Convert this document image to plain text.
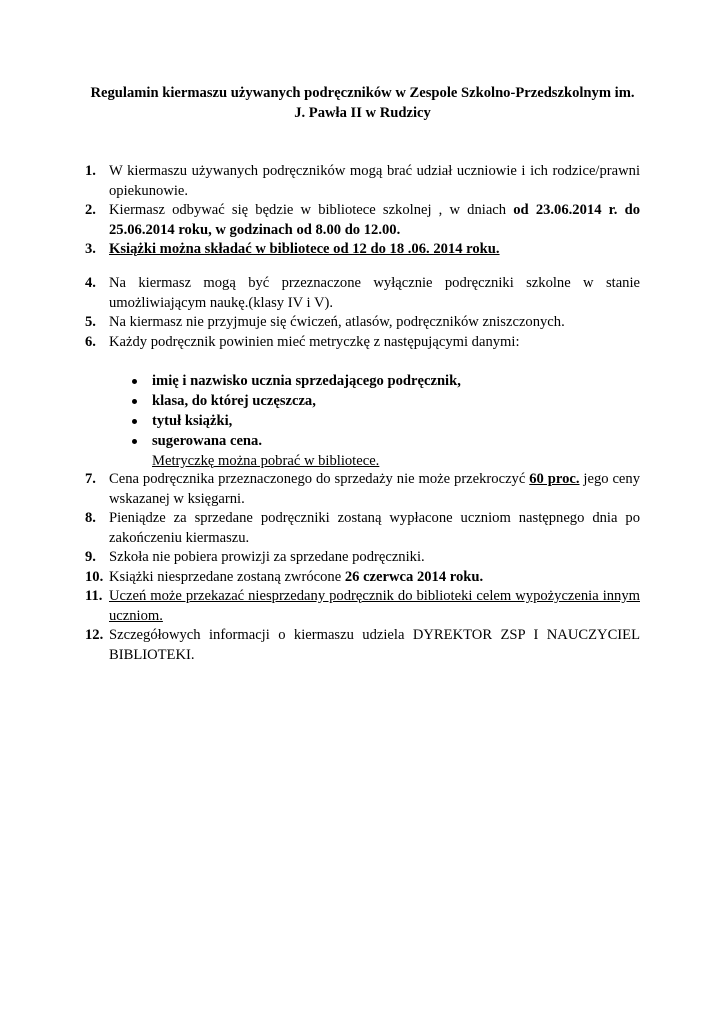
Regulamin kiermaszu używanych podręczników w Zespole Szkolno-Przedszkolnym im.
J. Pawła II w Rudzicy
1. W kiermaszu używanych podręczników mogą brać udział uczniowie i ich rodzice/prawni opiekunowie.
2. Kiermasz odbywać się będzie w bibliotece szkolnej , w dniach od 23.06.2014 r. do 25.06.2014 roku, w godzinach od 8.00 do 12.00.
3. Książki można składać w bibliotece od 12 do 18 .06. 2014 roku.
4. Na kiermasz mogą być przeznaczone wyłącznie podręczniki szkolne w stanie umożliwiającym naukę.(klasy IV i V).
5. Na kiermasz nie przyjmuje się ćwiczeń, atlasów, podręczników zniszczonych.
6. Każdy podręcznik powinien mieć metryczkę z następującymi danymi:
imię i nazwisko ucznia sprzedającego podręcznik,
klasa, do której uczęszcza,
tytuł książki,
sugerowana cena.
Metryczkę można pobrać w bibliotece.
7. Cena podręcznika przeznaczonego do sprzedaży nie może przekroczyć 60 proc. jego ceny wskazanej w księgarni.
8. Pieniądze za sprzedane podręczniki zostaną wypłacone uczniom następnego dnia po zakończeniu kiermaszu.
9. Szkoła nie pobiera prowizji za sprzedane podręczniki.
10. Książki niesprzedane zostaną zwrócone 26 czerwca 2014 roku.
11. Uczeń może przekazać niesprzedany podręcznik do biblioteki celem wypożyczenia innym uczniom.
12. Szczegółowych informacji o kiermaszu udziela DYREKTOR ZSP I NAUCZYCIEL BIBLIOTEKI.
